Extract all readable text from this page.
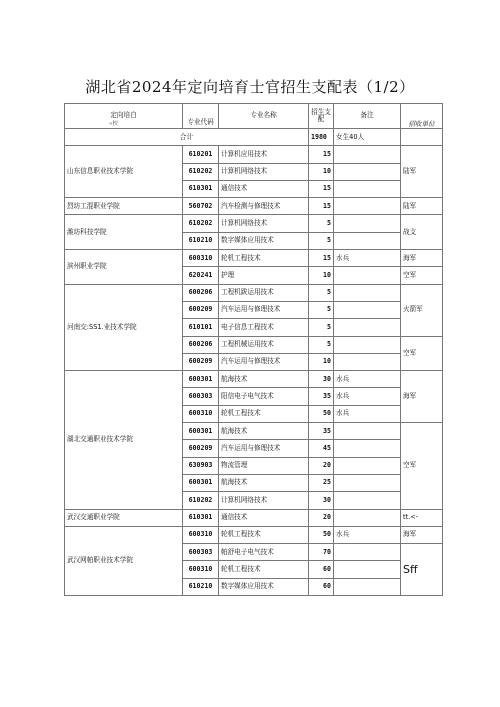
湖北省2024年定向培育士官招生支配表（1/2）
定向培白
«校	专业代码	专业名称	招生支配	备注	招收单位
合计			1980	女生40人	
山东信息职业技术学院	610201	计算机应用技术	15		陆军
	610202	计算机网络技术	10		
	610301	通信技术	15		
烈坊工混职业学院	560702	汽车检测与修理技术	15		陆军
潍坊科技学院	610202	计算机网络技术	5		战支
	610210	数字媒体应用技术	5		
滨州职业学院	600310	轮机工程技术	15	水兵	海军
	620241	护理	10		空军
河南交:SS1.业技术学院	600206	工程机跋运用技术	5		火箭军
	600209	汽车运用与修理技术	5		
	610101	电子信息工程技术	5		
	600206	工程机械运用技术	5		空军
	600209	汽车运用与修理技术	10		
湖北交通职业技术学院	600301	航海技术	30	水兵	海军
	600303	阳信电子电气技术	35	水兵	
	600310	轮机工程技术	50	水兵	
	600301	航海技术	35		空军
	600209	汽车运用与修理技术	45		
	630903	物流管理	20		
	600301	航海技术	25		
	610202	计算机网络技术	30		
武汉交通职业学院	610301	通信技术	20		tt.<-
武汉网帕职业技术学院	600310	轮机工程技术	50	水兵	海军
	600303	帕舒电子电气技术	70		Sff
	600310	轮机工程技术	60		
	610210	数字媒体应用技术	60		
